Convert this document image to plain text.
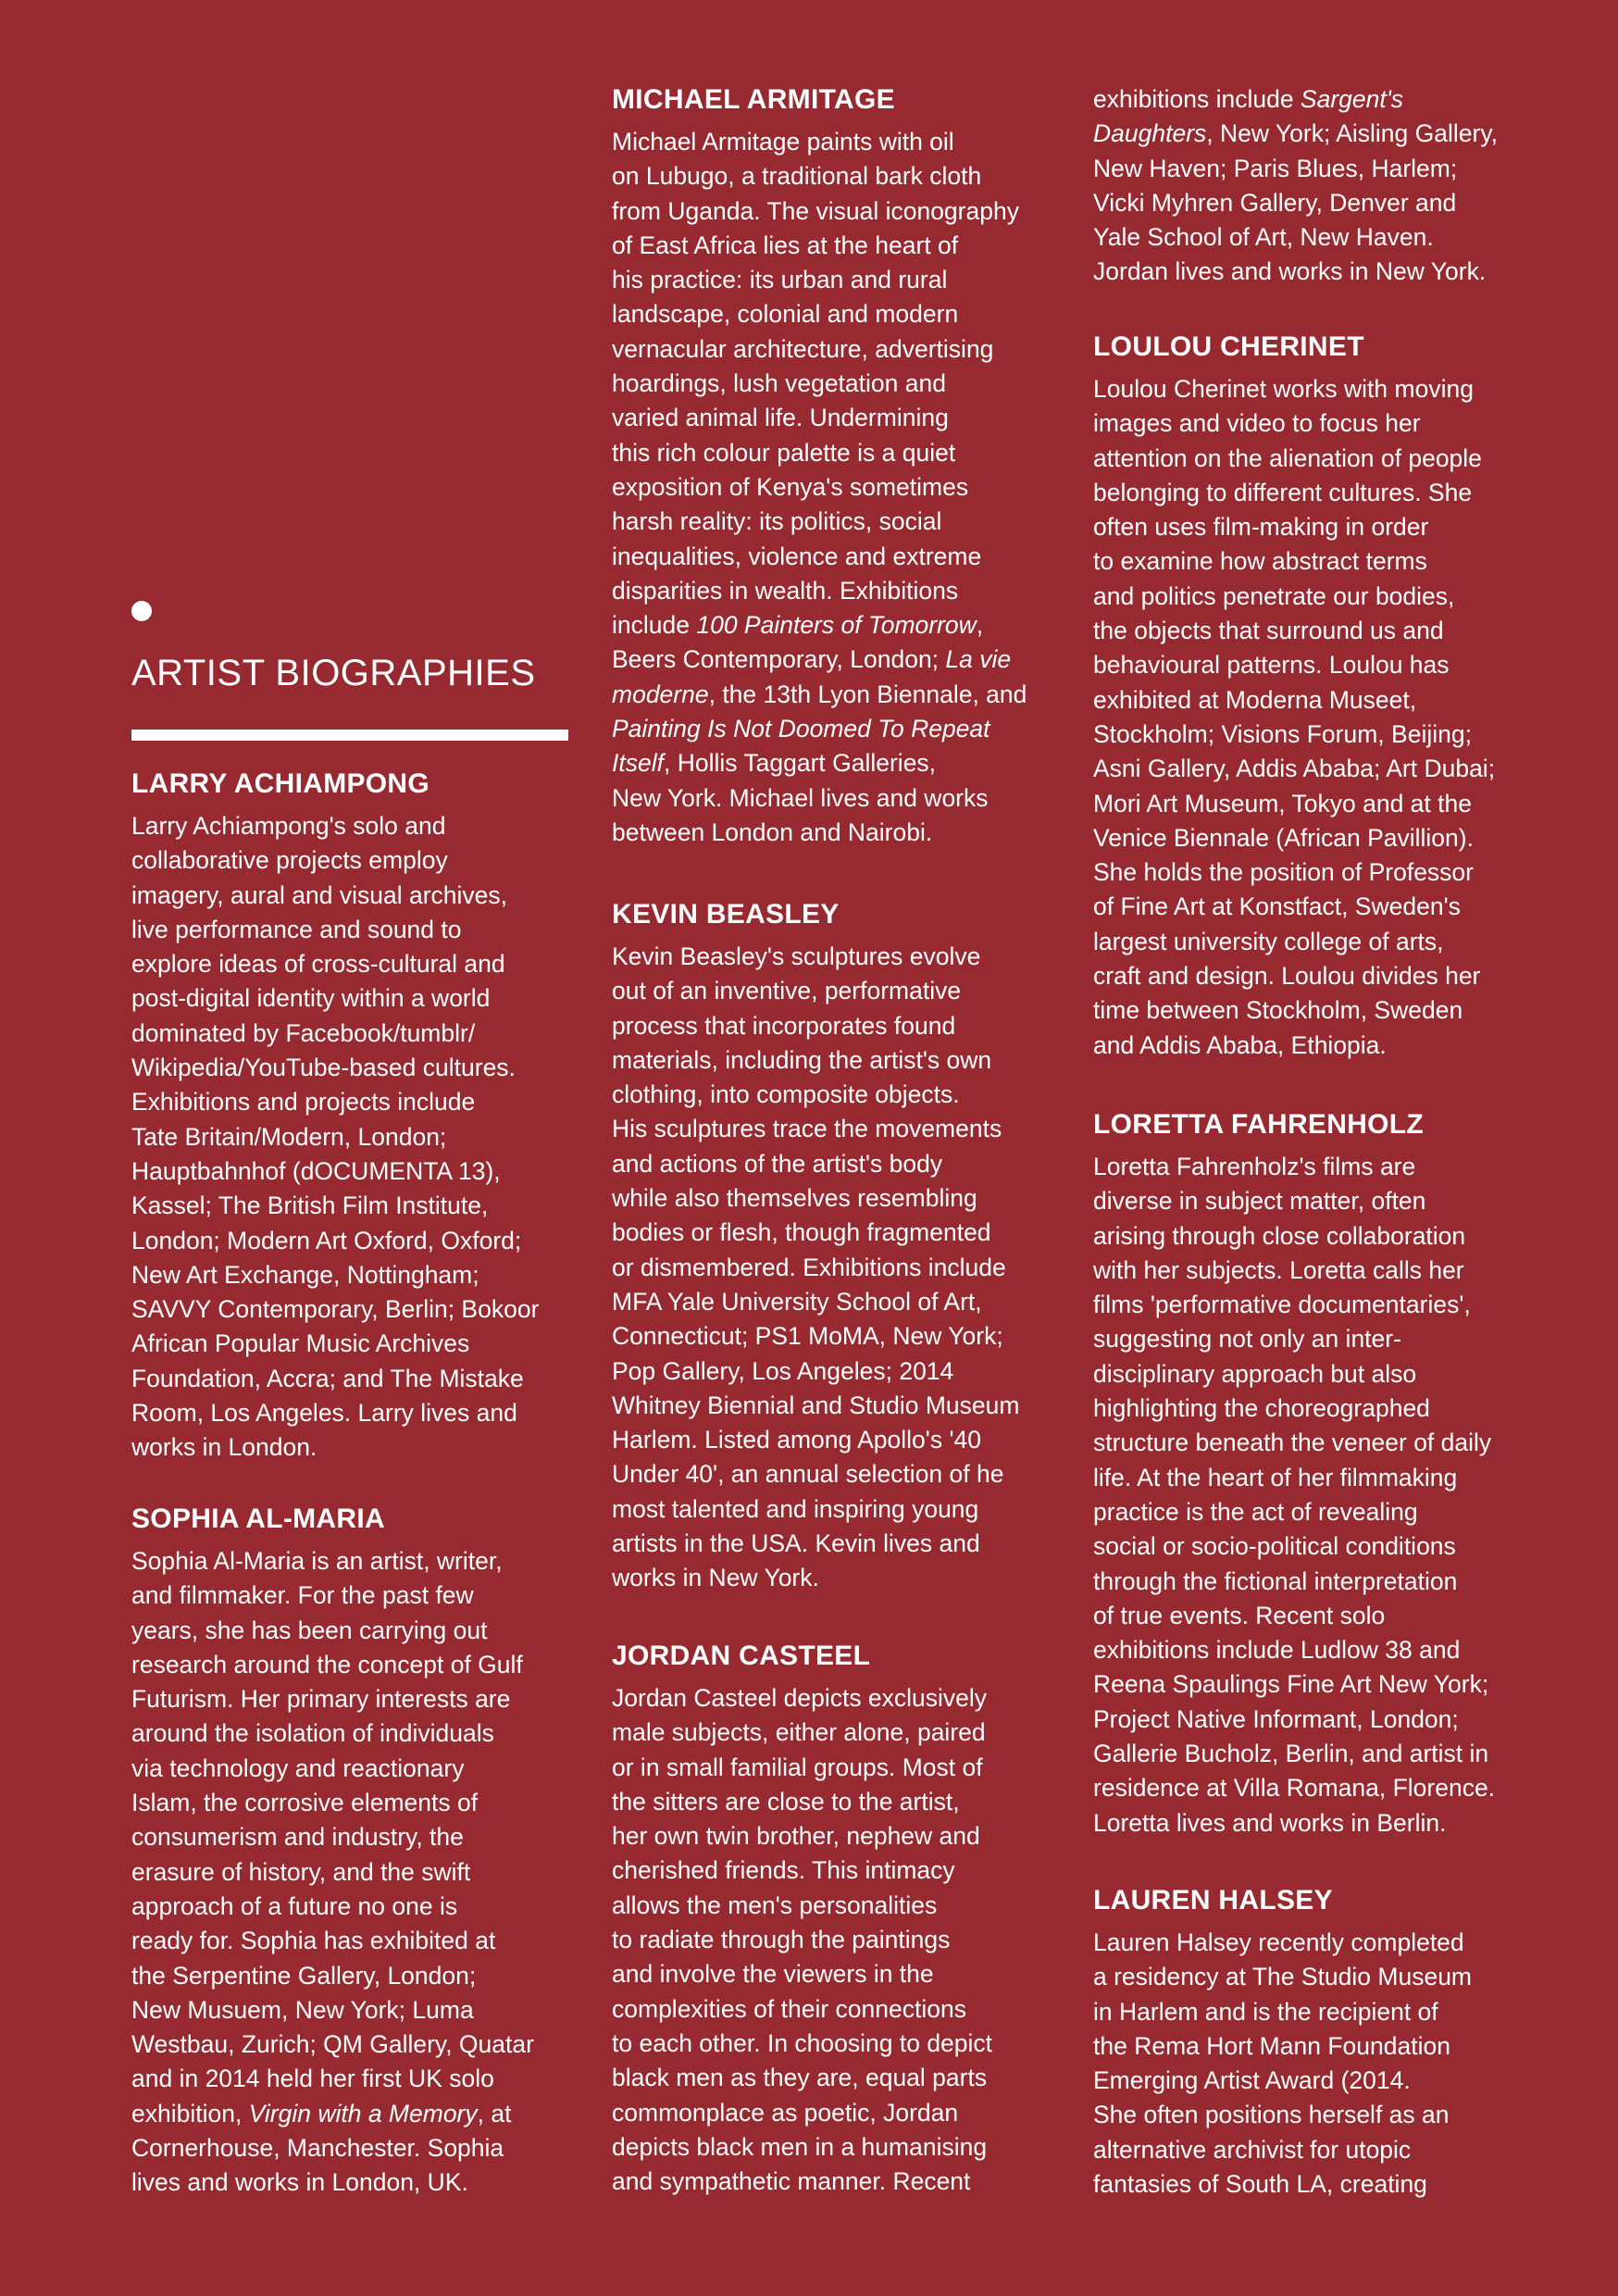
ARTIST BIOGRAPHIES
LARRY ACHIAMPONG
Larry Achiampong's solo and
collaborative projects employ
imagery, aural and visual archives,
live performance and sound to
explore ideas of cross-cultural and
post-digital identity within a world
dominated by Facebook/tumblr/
Wikipedia/YouTube-based cultures.
Exhibitions and projects include
Tate Britain/Modern, London;
Hauptbahnhof (dOCUMENTA 13),
Kassel; The British Film Institute,
London; Modern Art Oxford, Oxford;
New Art Exchange, Nottingham;
SAVVY Contemporary, Berlin; Bokoor
African Popular Music Archives
Foundation, Accra; and The Mistake
Room, Los Angeles. Larry lives and
works in London.
SOPHIA AL-MARIA
Sophia Al-Maria is an artist, writer,
and filmmaker. For the past few
years, she has been carrying out
research around the concept of Gulf
Futurism. Her primary interests are
around the isolation of individuals
via technology and reactionary
Islam, the corrosive elements of
consumerism and industry, the
erasure of history, and the swift
approach of a future no one is
ready for. Sophia has exhibited at
the Serpentine Gallery, London;
New Musuem, New York; Luma
Westbau, Zurich; QM Gallery, Quatar
and in 2014 held her first UK solo
exhibition, Virgin with a Memory, at
Cornerhouse, Manchester. Sophia
lives and works in London, UK.
MICHAEL ARMITAGE
Michael Armitage paints with oil
on Lubugo, a traditional bark cloth
from Uganda. The visual iconography
of East Africa lies at the heart of
his practice: its urban and rural
landscape, colonial and modern
vernacular architecture, advertising
hoardings, lush vegetation and
varied animal life. Undermining
this rich colour palette is a quiet
exposition of Kenya's sometimes
harsh reality: its politics, social
inequalities, violence and extreme
disparities in wealth. Exhibitions
include 100 Painters of Tomorrow,
Beers Contemporary, London; La vie
moderne, the 13th Lyon Biennale, and
Painting Is Not Doomed To Repeat
Itself, Hollis Taggart Galleries,
New York. Michael lives and works
between London and Nairobi.
KEVIN BEASLEY
Kevin Beasley's sculptures evolve
out of an inventive, performative
process that incorporates found
materials, including the artist's own
clothing, into composite objects.
His sculptures trace the movements
and actions of the artist's body
while also themselves resembling
bodies or flesh, though fragmented
or dismembered. Exhibitions include
MFA Yale University School of Art,
Connecticut; PS1 MoMA, New York;
Pop Gallery, Los Angeles; 2014
Whitney Biennial and Studio Museum
Harlem. Listed among Apollo's '40
Under 40', an annual selection of he
most talented and inspiring young
artists in the USA. Kevin lives and
works in New York.
JORDAN CASTEEL
Jordan Casteel depicts exclusively
male subjects, either alone, paired
or in small familial groups. Most of
the sitters are close to the artist,
her own twin brother, nephew and
cherished friends. This intimacy
allows the men's personalities
to radiate through the paintings
and involve the viewers in the
complexities of their connections
to each other. In choosing to depict
black men as they are, equal parts
commonplace as poetic, Jordan
depicts black men in a humanising
and sympathetic manner. Recent
exhibitions include Sargent's
Daughters, New York; Aisling Gallery,
New Haven; Paris Blues, Harlem;
Vicki Myhren Gallery, Denver and
Yale School of Art, New Haven.
Jordan lives and works in New York.
LOULOU CHERINET
Loulou Cherinet works with moving
images and video to focus her
attention on the alienation of people
belonging to different cultures. She
often uses film-making in order
to examine how abstract terms
and politics penetrate our bodies,
the objects that surround us and
behavioural patterns. Loulou has
exhibited at Moderna Museet,
Stockholm; Visions Forum, Beijing;
Asni Gallery, Addis Ababa; Art Dubai;
Mori Art Museum, Tokyo and at the
Venice Biennale (African Pavillion).
She holds the position of Professor
of Fine Art at Konstfact, Sweden's
largest university college of arts,
craft and design. Loulou divides her
time between Stockholm, Sweden
and Addis Ababa, Ethiopia.
LORETTA FAHRENHOLZ
Loretta Fahrenholz's films are
diverse in subject matter, often
arising through close collaboration
with her subjects. Loretta calls her
films 'performative documentaries',
suggesting not only an inter-
disciplinary approach but also
highlighting the choreographed
structure beneath the veneer of daily
life. At the heart of her filmmaking
practice is the act of revealing
social or socio-political conditions
through the fictional interpretation
of true events. Recent solo
exhibitions include Ludlow 38 and
Reena Spaulings Fine Art New York;
Project Native Informant, London;
Gallerie Bucholz, Berlin, and artist in
residence at Villa Romana, Florence.
Loretta lives and works in Berlin.
LAUREN HALSEY
Lauren Halsey recently completed
a residency at The Studio Museum
in Harlem and is the recipient of
the Rema Hort Mann Foundation
Emerging Artist Award (2014.
She often positions herself as an
alternative archivist for utopic
fantasies of South LA, creating
